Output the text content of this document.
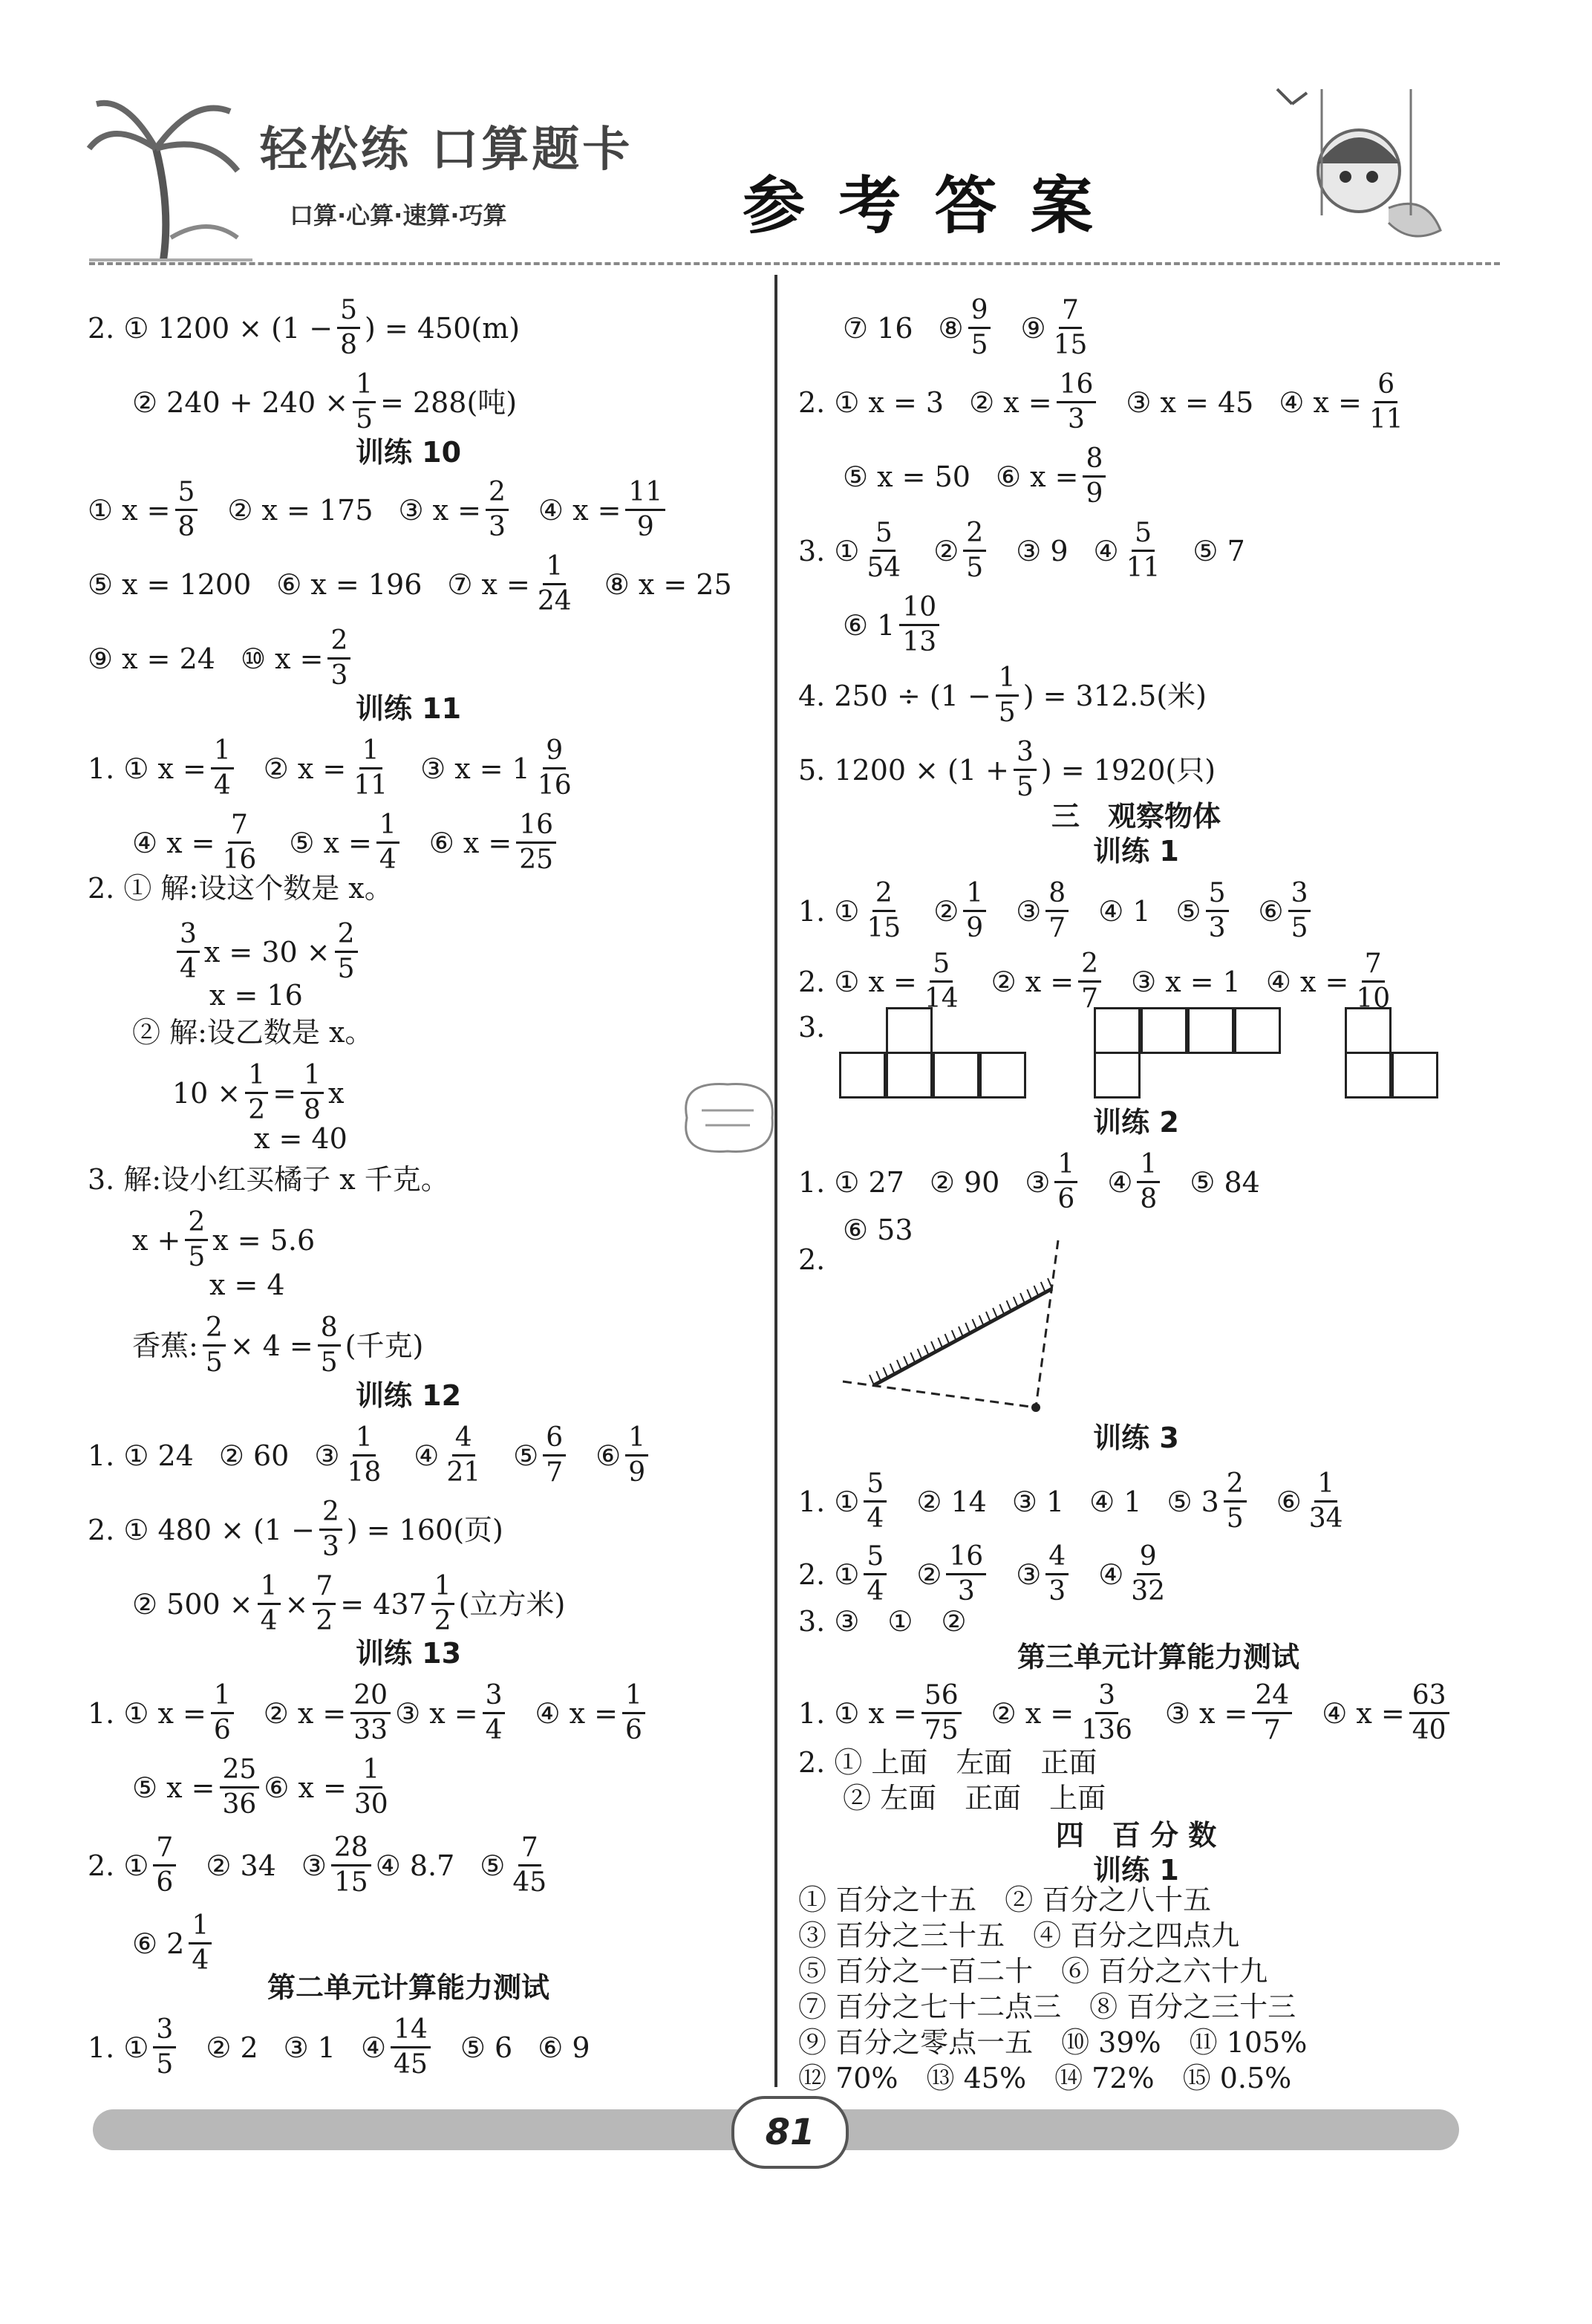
轻松练 口算题卡
口算·心算·速算·巧算	参 考 答 案
2. ① $1200 \times (1 - \frac{5}{8}$ ) = 450(m)
② $240 + 240 \times \frac{1}{5} = 288$(吨)
训练 10
① $x = \frac{5}{8}$ ② x = 175 ③ $x = \frac{2}{3}$ ④ $x = \frac{11}{9}$
⑤ x = 1200 ⑥ x = 196 ⑦ $x = \frac{1}{24}$ ⑧ x = 25
⑨ x = 24 ⑩ $x = \frac{2}{3}$
训练 11
1. ① $x = \frac{1}{4}$ ② $x = \frac{1}{11}$ ③ $x = 1 \frac{9}{16}$
④ $x = \frac{7}{16}$ ⑤ $x = \frac{1}{4}$ ⑥ $x = \frac{16}{25}$
2. ① 解:设这个数是 x。
$\frac{3}{4}$ $x = 30 \times \frac{2}{5}$
x = 16
② 解:设乙数是 x。
$10 \times \frac{1}{2} = \frac{1}{8}$ x
x = 40
3. 解:设小红买橘子 x 千克。
$x + \frac{2}{5}$ x = 5.6
x = 4
香蕉: $\frac{2}{5} \times 4 = \frac{8}{5}$ (千克)
训练 12
1. ① 24 ② 60 ③ $\frac{1}{18}$ ④ $\frac{4}{21}$ ⑤ $\frac{6}{7}$ ⑥ $\frac{1}{9}$
2. ① $480 \times (1 - \frac{2}{3}$ ) = 160(页)
② $500 \times \frac{1}{4} \times \frac{7}{2} = 437 \frac{1}{2}$ (立方米)
训练 13
1. ① $x = \frac{1}{6}$ ② $x = \frac{20}{33}$ ③ $x = \frac{3}{4}$ ④ $x = \frac{1}{6}$
⑤ $x = \frac{25}{36}$ ⑥ $x = \frac{1}{30}$
2. ① $\frac{7}{6}$ ② 34 ③ $\frac{28}{15}$ ④ 8.7 ⑤ $\frac{7}{45}$
⑥ $2 \frac{1}{4}$
第二单元计算能力测试
1. ① $\frac{3}{5}$ ② 2 ③ 1 ④ $\frac{14}{45}$ ⑤ 6 ⑥ 9
⑦ 16 ⑧ $\frac{9}{5}$ ⑨ $\frac{7}{15}$
2. ① x = 3 ② $x = \frac{16}{3}$ ③ x = 45 ④ $x = \frac{6}{11}$
⑤ x = 50 ⑥ $x = \frac{8}{9}$
3. ① $\frac{5}{54}$ ② $\frac{2}{5}$ ③ 9 ④ $\frac{5}{11}$ ⑤ 7
⑥ $1 \frac{10}{13}$
4. $250 \div (1 - \frac{1}{5}$ ) = 312.5(米)
5. $1200 \times (1 + \frac{3}{5}$ ) = 1920(只)
三　观察物体
训练 1
1. ① $\frac{2}{15}$ ② $\frac{1}{9}$ ③ $\frac{8}{7}$ ④ 1 ⑤ $\frac{5}{3}$ ⑥ $\frac{3}{5}$
2. ① $x = \frac{5}{14}$ ② $x = \frac{2}{7}$ ③ x = 1 ④ $x = \frac{7}{10}$
3.
训练 2
1. ① 27 ② 90 ③ $\frac{1}{6}$ ④ $\frac{1}{8}$ ⑤ 84
⑥ 53
2.
训练 3
1. ① $\frac{5}{4}$ ② 14 ③ 1 ④ 1 ⑤ $3 \frac{2}{5}$ ⑥ $\frac{1}{34}$
2. ① $\frac{5}{4}$ ② $\frac{16}{3}$ ③ $\frac{4}{3}$ ④ $\frac{9}{32}$
3. ③　①　②
第三单元计算能力测试
1. ① $x = \frac{56}{75}$ ② $x = \frac{3}{136}$ ③ $x = \frac{24}{7}$ ④ $x = \frac{63}{40}$
2. ① 上面　左面　正面
② 左面　正面　上面
四　百 分 数
训练 1
① 百分之十五　② 百分之八十五
③ 百分之三十五　④ 百分之四点九
⑤ 百分之一百二十　⑥ 百分之六十九
⑦ 百分之七十二点三　⑧ 百分之三十三
⑨ 百分之零点一五　⑩ 39%　⑪ 105%
⑫ 70%　⑬ 45%　⑭ 72%　⑮ 0.5%
81
